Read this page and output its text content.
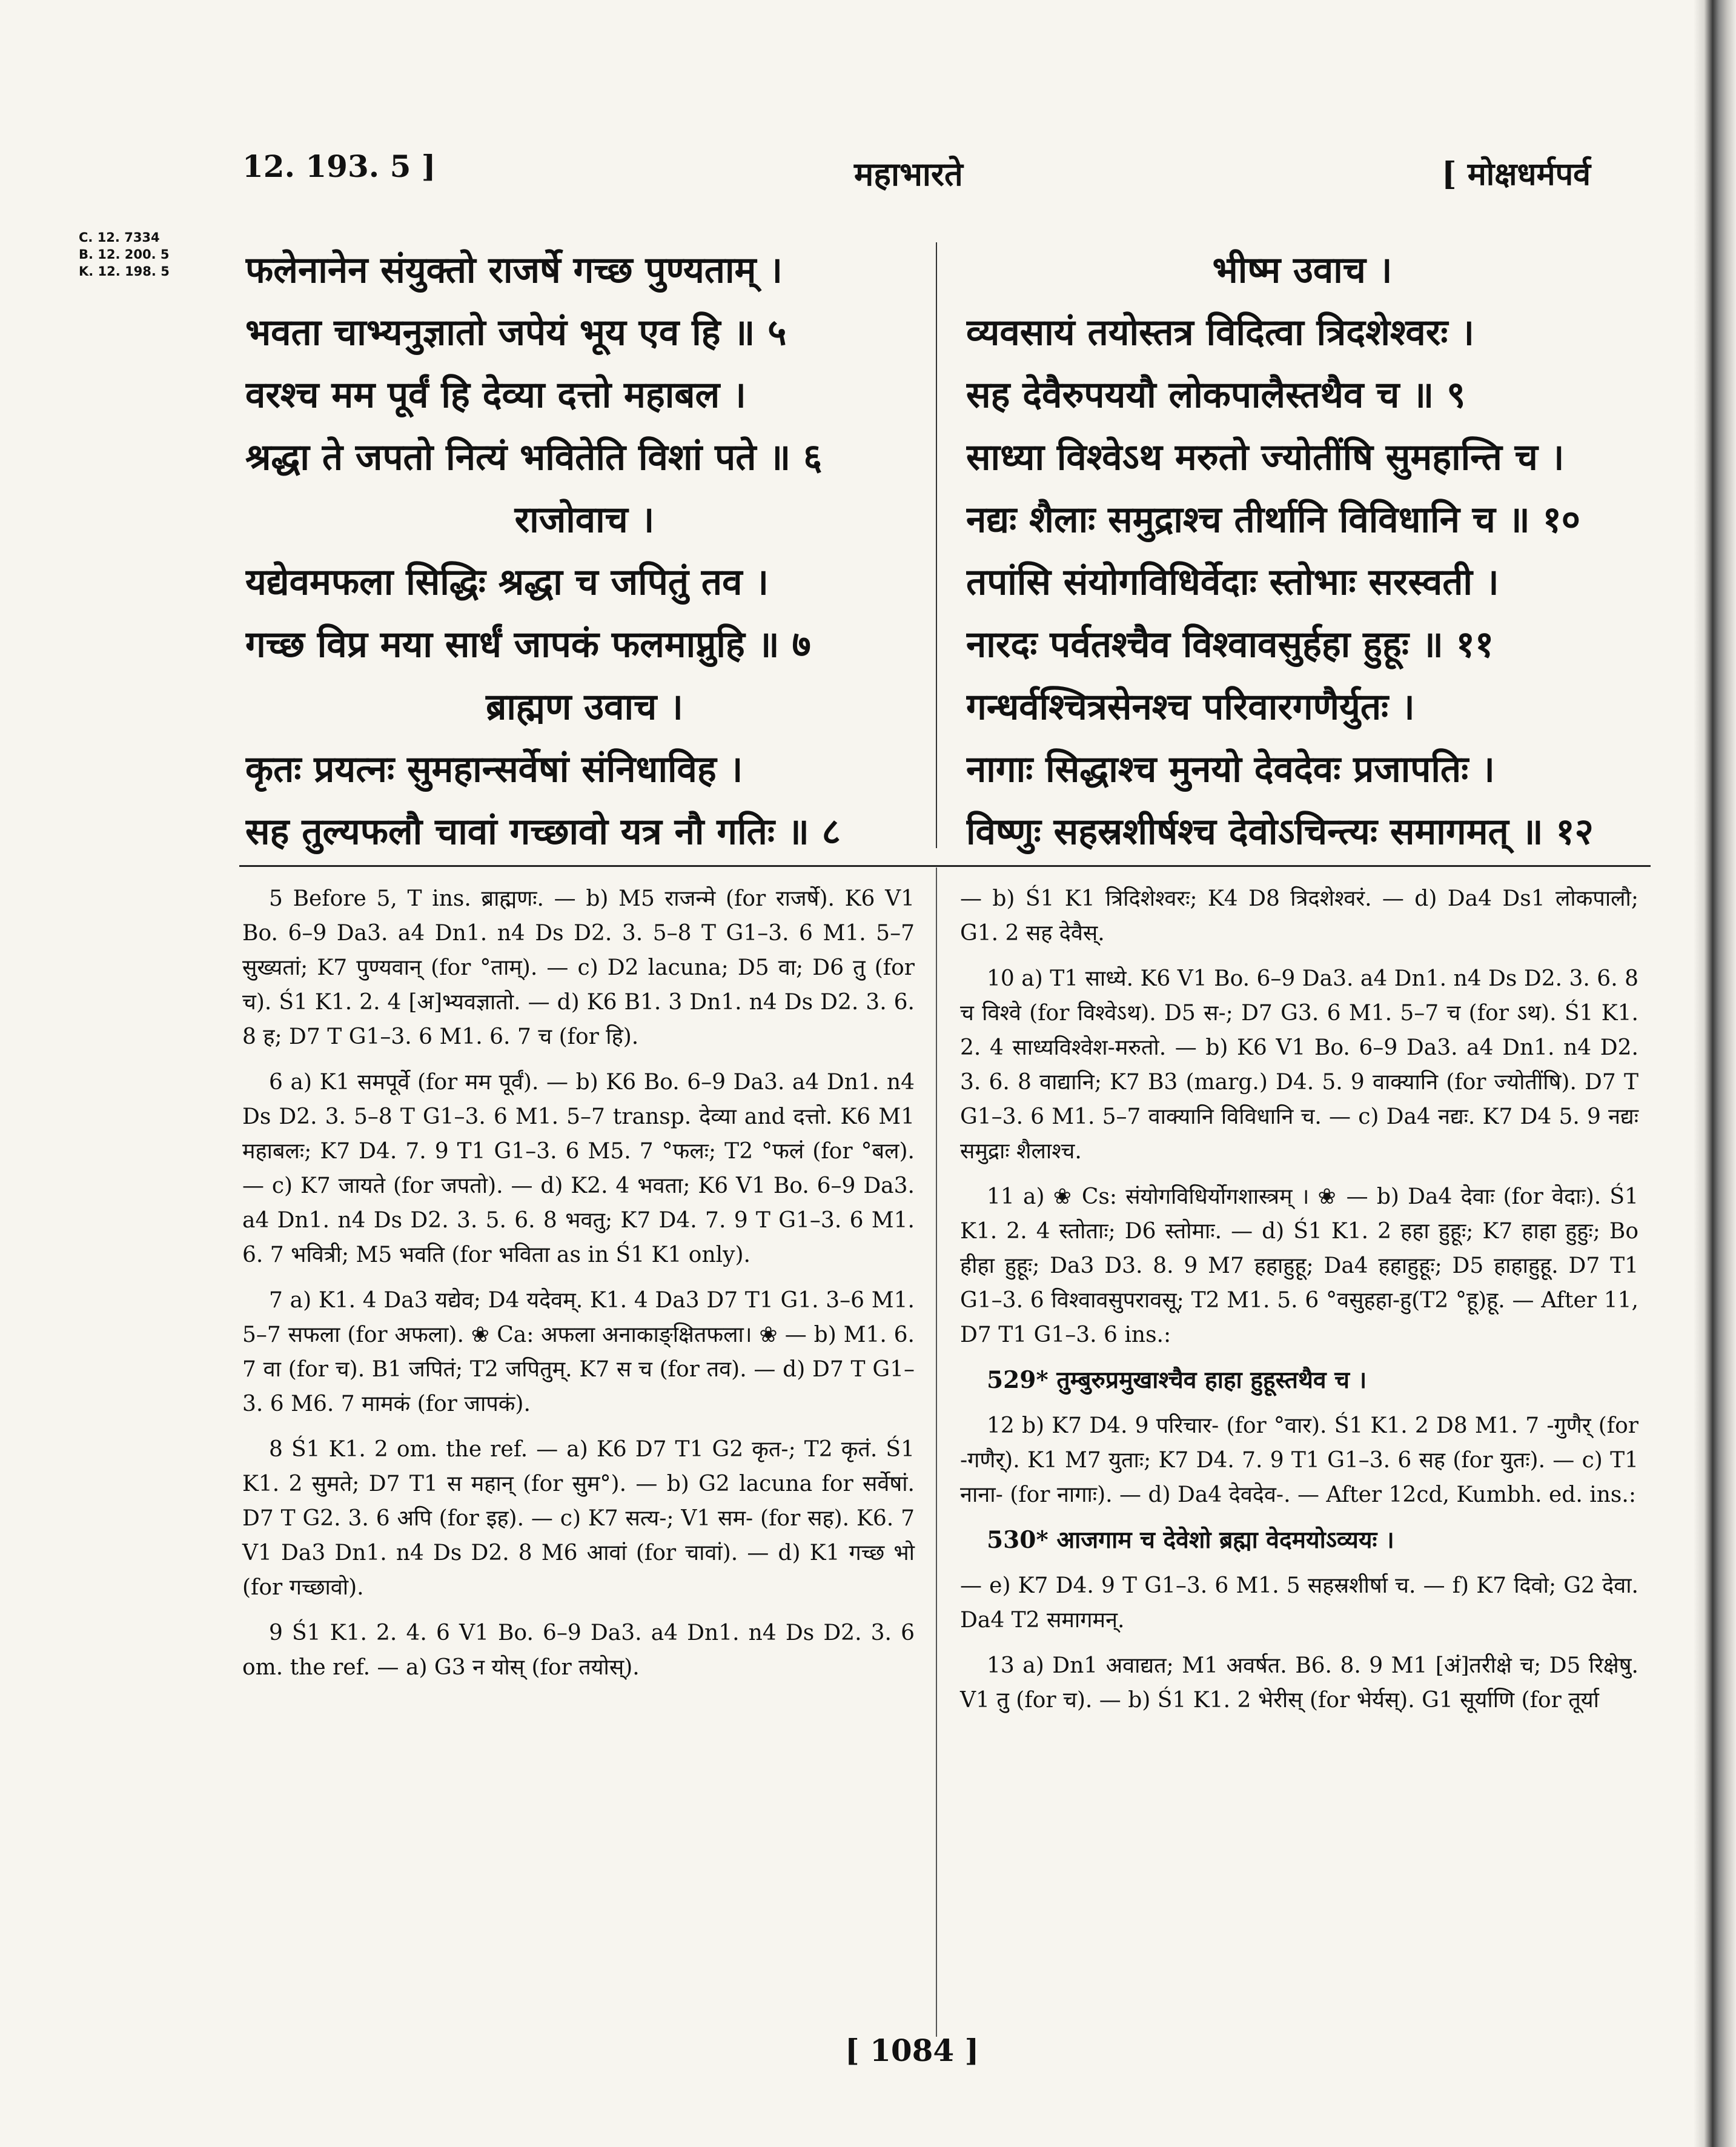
12. 193. 5 ]	महाभारते	[ मोक्षधर्मपर्व
C. 12. 7334
B. 12. 200. 5
K. 12. 198. 5 फलेनानेन संयुक्तो राजर्षे गच्छ पुण्यताम् ।
भवता चाभ्यनुज्ञातो जपेयं भूय एव हि ॥ ५
वरश्च मम पूर्वं हि देव्या दत्तो महाबल ।
श्रद्धा ते जपतो नित्यं भवितेति विशां पते ॥ ६
राजोवाच ।
यद्येवमफला सिद्धिः श्रद्धा च जपितुं तव ।
गच्छ विप्र मया सार्धं जापकं फलमाप्नुहि ॥ ७
ब्राह्मण उवाच ।
कृतः प्रयत्नः सुमहान्सर्वेषां संनिधाविह ।
सह तुल्यफलौ चावां गच्छावो यत्र नौ गतिः ॥ ८
भीष्म उवाच ।
व्यवसायं तयोस्तत्र विदित्वा त्रिदशेश्वरः ।
सह देवैरुपययौ लोकपालैस्तथैव च ॥ ९
साध्या विश्वेऽथ मरुतो ज्योतींषि सुमहान्ति च ।
नद्यः शैलाः समुद्राश्च तीर्थानि विविधानि च ॥ १०
तपांसि संयोगविधिर्वेदाः स्तोभाः सरस्वती ।
नारदः पर्वतश्चैव विश्वावसुर्हहा हुहूः ॥ ११
गन्धर्वश्चित्रसेनश्च परिवारगणैर्युतः ।
नागाः सिद्धाश्च मुनयो देवदेवः प्रजापतिः ।
विष्णुः सहस्रशीर्षश्च देवोऽचिन्त्यः समागमत् ॥ १२
5 Before 5, T ins. ब्राह्मणः. — b) M5 राजन्मे (for राजर्षे). K6 V1 Bo. 6–9 Da3. a4 Dn1. n4 Ds D2. 3. 5–8 T G1–3. 6 M1. 5–7 सुख्यतां; K7 पुण्यवान् (for °ताम्). — c) D2 lacuna; D5 वा; D6 तु (for च). Ś1 K1. 2. 4 [अ]भ्यवज्ञातो. — d) K6 B1. 3 Dn1. n4 Ds D2. 3. 6. 8 ह; D7 T G1–3. 6 M1. 6. 7 च (for हि).
6 a) K1 समपूर्वे (for मम पूर्वं). — b) K6 Bo. 6–9 Da3. a4 Dn1. n4 Ds D2. 3. 5–8 T G1–3. 6 M1. 5–7 transp. देव्या and दत्तो. K6 M1 महाबलः; K7 D4. 7. 9 T1 G1–3. 6 M5. 7 °फलः; T2 °फलं (for °बल). — c) K7 जायते (for जपतो). — d) K2. 4 भवता; K6 V1 Bo. 6–9 Da3. a4 Dn1. n4 Ds D2. 3. 5. 6. 8 भवतु; K7 D4. 7. 9 T G1–3. 6 M1. 6. 7 भवित्री; M5 भवति (for भविता as in Ś1 K1 only).
7 a) K1. 4 Da3 यद्येव; D4 यदेवम्. K1. 4 Da3 D7 T1 G1. 3–6 M1. 5–7 सफला (for अफला). ❀ Ca: अफला अनाकाङ्क्षितफला। ❀ — b) M1. 6. 7 वा (for च). B1 जपितं; T2 जपितुम्. K7 स च (for तव). — d) D7 T G1–3. 6 M6. 7 मामकं (for जापकं).
8 Ś1 K1. 2 om. the ref. — a) K6 D7 T1 G2 कृत-; T2 कृतं. Ś1 K1. 2 सुमते; D7 T1 स महान् (for सुम°). — b) G2 lacuna for सर्वेषां. D7 T G2. 3. 6 अपि (for इह). — c) K7 सत्य-; V1 सम- (for सह). K6. 7 V1 Da3 Dn1. n4 Ds D2. 8 M6 आवां (for चावां). — d) K1 गच्छ भो (for गच्छावो).
9 Ś1 K1. 2. 4. 6 V1 Bo. 6–9 Da3. a4 Dn1. n4 Ds D2. 3. 6 om. the ref. — a) G3 न योस् (for तयोस्).
— b) Ś1 K1 त्रिदिशेश्वरः; K4 D8 त्रिदशेश्वरं. — d) Da4 Ds1 लोकपालौ; G1. 2 सह देवैस्.
10 a) T1 साध्ये. K6 V1 Bo. 6–9 Da3. a4 Dn1. n4 Ds D2. 3. 6. 8 च विश्वे (for विश्वेऽथ). D5 स-; D7 G3. 6 M1. 5–7 च (for ऽथ). Ś1 K1. 2. 4 साध्यविश्वेश-मरुतो. — b) K6 V1 Bo. 6–9 Da3. a4 Dn1. n4 D2. 3. 6. 8 वाद्यानि; K7 B3 (marg.) D4. 5. 9 वाक्यानि (for ज्योतींषि). D7 T G1–3. 6 M1. 5–7 वाक्यानि विविधानि च. — c) Da4 नद्यः. K7 D4 5. 9 नद्यः समुद्राः शैलाश्च.
11 a) ❀ Cs: संयोगविधिर्योगशास्त्रम् । ❀ — b) Da4 देवाः (for वेदाः). Ś1 K1. 2. 4 स्तोताः; D6 स्तोमाः. — d) Ś1 K1. 2 हहा हुहूः; K7 हाहा हुहुः; Bo हीहा हुहूः; Da3 D3. 8. 9 M7 हहाहुहू; Da4 हहाहुहूः; D5 हाहाहुहू. D7 T1 G1–3. 6 विश्वावसुपरावसू; T2 M1. 5. 6 °वसुहहा-हु(T2 °हू)हू. — After 11, D7 T1 G1–3. 6 ins.:
529* तुम्बुरुप्रमुखाश्चैव हाहा हुहूस्तथैव च ।
12 b) K7 D4. 9 परिचार- (for °वार). Ś1 K1. 2 D8 M1. 7 -गुणैर् (for -गणैर्). K1 M7 युताः; K7 D4. 7. 9 T1 G1–3. 6 सह (for युतः). — c) T1 नाना- (for नागाः). — d) Da4 देवदेव-. — After 12cd, Kumbh. ed. ins.:
530* आजगाम च देवेशो ब्रह्मा वेदमयोऽव्ययः ।
— e) K7 D4. 9 T G1–3. 6 M1. 5 सहस्रशीर्षा च. — f) K7 दिवो; G2 देवा. Da4 T2 समागमन्.
13 a) Dn1 अवाद्यत; M1 अवर्षत. B6. 8. 9 M1 [अं]तरीक्षे च; D5 रिक्षेषु. V1 तु (for च). — b) Ś1 K1. 2 भेरीस् (for भेर्यस्). G1 सूर्याणि (for तूर्या
[ 1084 ]
